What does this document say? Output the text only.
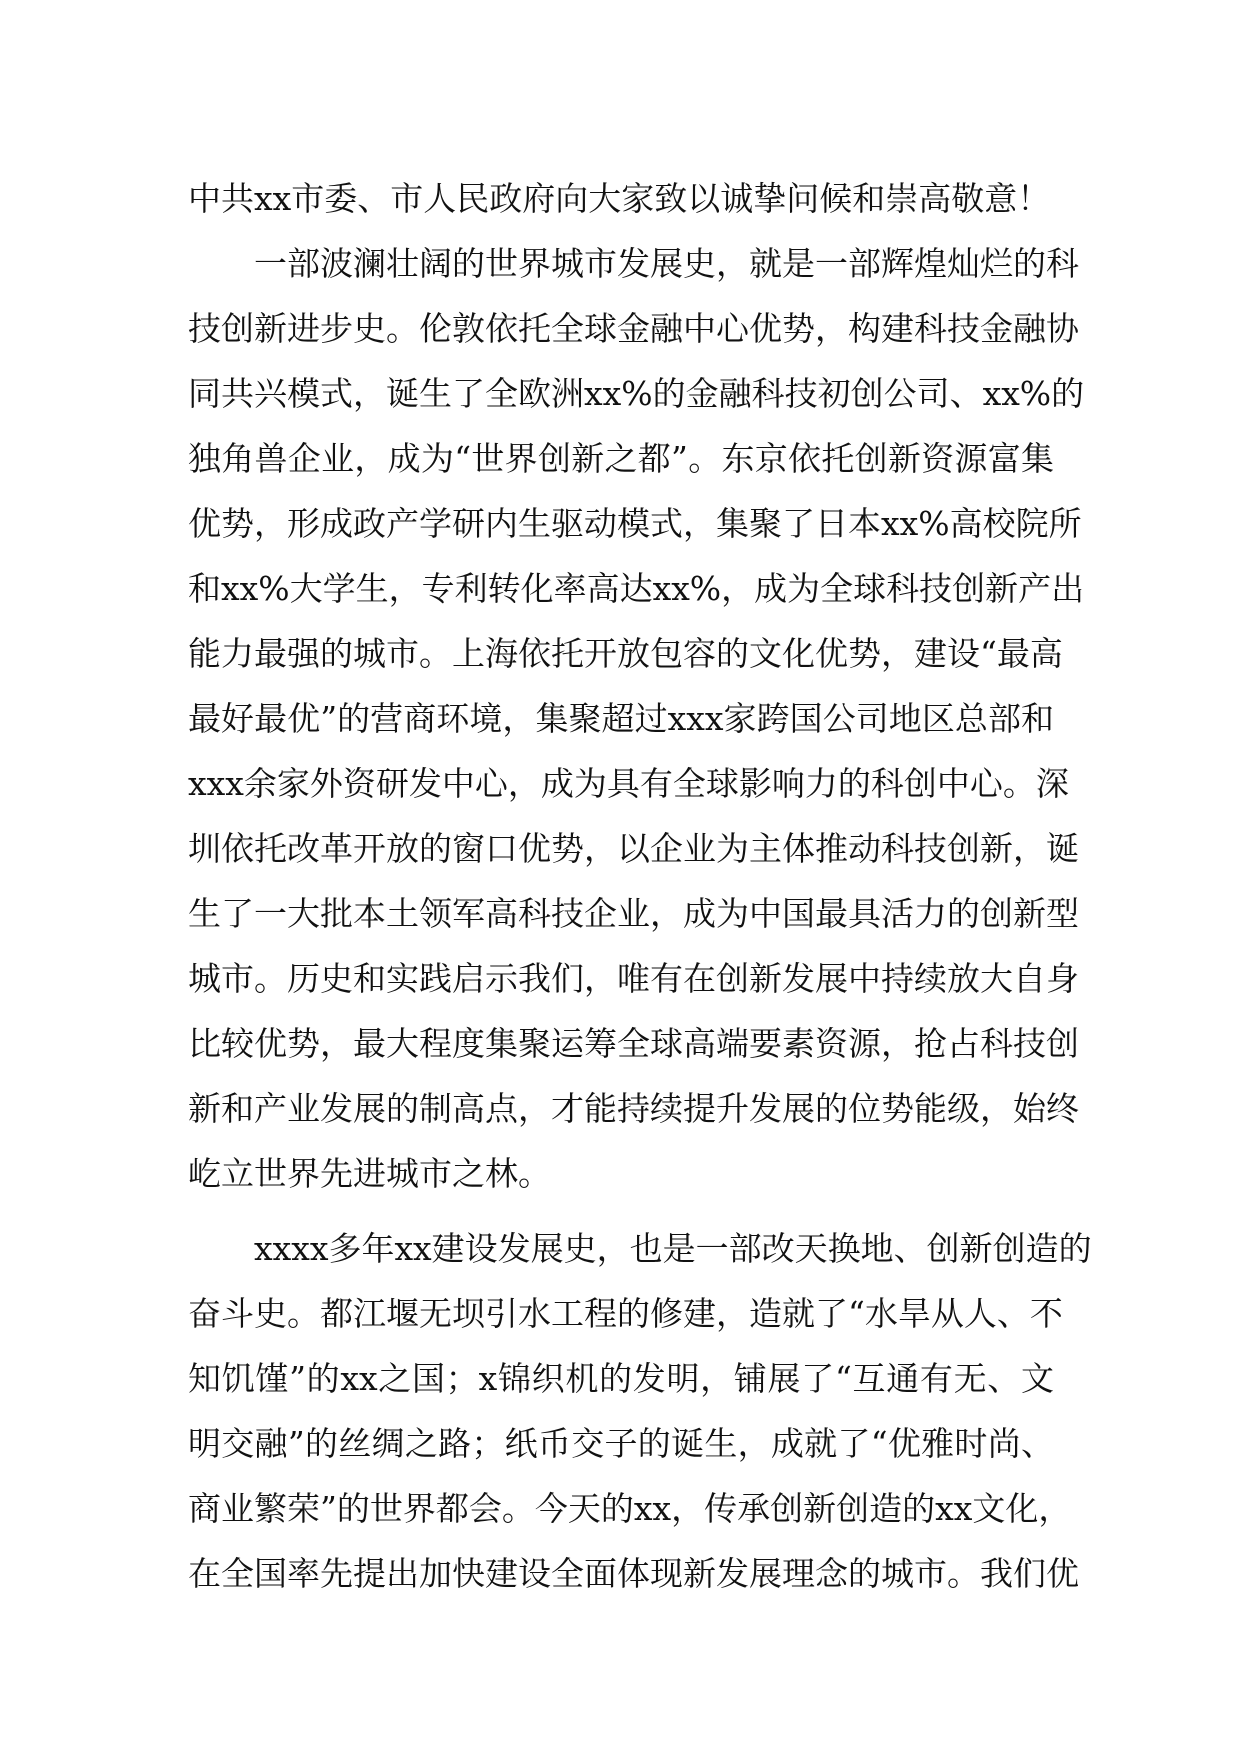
中共xx市委、市人民政府向大家致以诚挚问候和崇高敬意！
　　一部波澜壮阔的世界城市发展史，就是一部辉煌灿烂的科
技创新进步史。伦敦依托全球金融中心优势，构建科技金融协
同共兴模式，诞生了全欧洲xx%的金融科技初创公司、xx%的
独角兽企业，成为“世界创新之都”。东京依托创新资源富集
优势，形成政产学研内生驱动模式，集聚了日本xx%高校院所
和xx%大学生，专利转化率高达xx%，成为全球科技创新产出
能力最强的城市。上海依托开放包容的文化优势，建设“最高
最好最优”的营商环境，集聚超过xxx家跨国公司地区总部和
xxx余家外资研发中心，成为具有全球影响力的科创中心。深
圳依托改革开放的窗口优势，以企业为主体推动科技创新，诞
生了一大批本土领军高科技企业，成为中国最具活力的创新型
城市。历史和实践启示我们，唯有在创新发展中持续放大自身
比较优势，最大程度集聚运筹全球高端要素资源，抢占科技创
新和产业发展的制高点，才能持续提升发展的位势能级，始终
屹立世界先进城市之林。
　　xxxx多年xx建设发展史，也是一部改天换地、创新创造的
奋斗史。都江堰无坝引水工程的修建，造就了“水旱从人、不
知饥馑”的xx之国；x锦织机的发明，铺展了“互通有无、文
明交融”的丝绸之路；纸币交子的诞生，成就了“优雅时尚、
商业繁荣”的世界都会。今天的xx，传承创新创造的xx文化，
在全国率先提出加快建设全面体现新发展理念的城市。我们优
